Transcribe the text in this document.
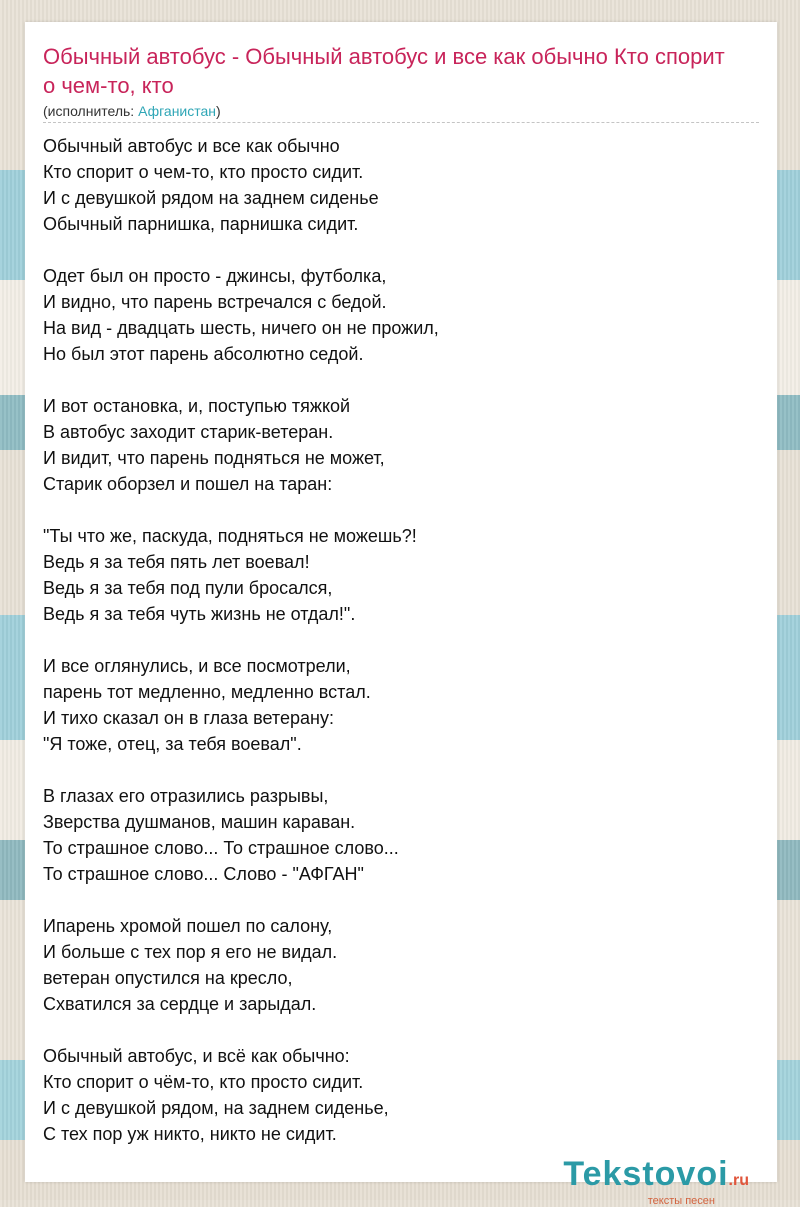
Обычный автобус - Обычный автобус и все как обычно Кто спорит о чем-то, кто
(исполнитель: Афганистан)
Обычный автобус и все как обычно
Кто спорит о чем-то, кто просто сидит.
И с девушкой рядом на заднем сиденье
Обычный парнишка, парнишка сидит.
Одет был он просто - джинсы, футболка,
И видно, что парень встречался с бедой.
На вид - двадцать шесть, ничего он не прожил,
Но был этот парень абсолютно седой.
И вот остановка, и, поступью тяжкой
В автобус заходит старик-ветеран.
И видит, что парень подняться не может,
Старик оборзел и пошел на таран:
"Ты что же, паскуда, подняться не можешь?!
Ведь я за тебя пять лет воевал!
Ведь я за тебя под пули бросался,
Ведь я за тебя чуть жизнь не отдал!".
И все оглянулись, и все посмотрели,
парень тот медленно, медленно встал.
И тихо сказал он в глаза ветерану:
"Я тоже, отец, за тебя воевал".
В глазах его отразились разрывы,
Зверства душманов, машин караван.
То страшное слово... То страшное слово...
То страшное слово... Слово - "АФГАН"
Ипарень хромой пошел по салону,
И больше с тех пор я его не видал.
ветеран опустился на кресло,
Схватился за сердце и зарыдал.
Обычный автобус, и всё как обычно:
Кто спорит о чём-то, кто просто сидит.
И с девушкой рядом, на заднем сиденье,
С тех пор уж никто, никто не сидит.
Tekstovoi.ru
тексты песен
